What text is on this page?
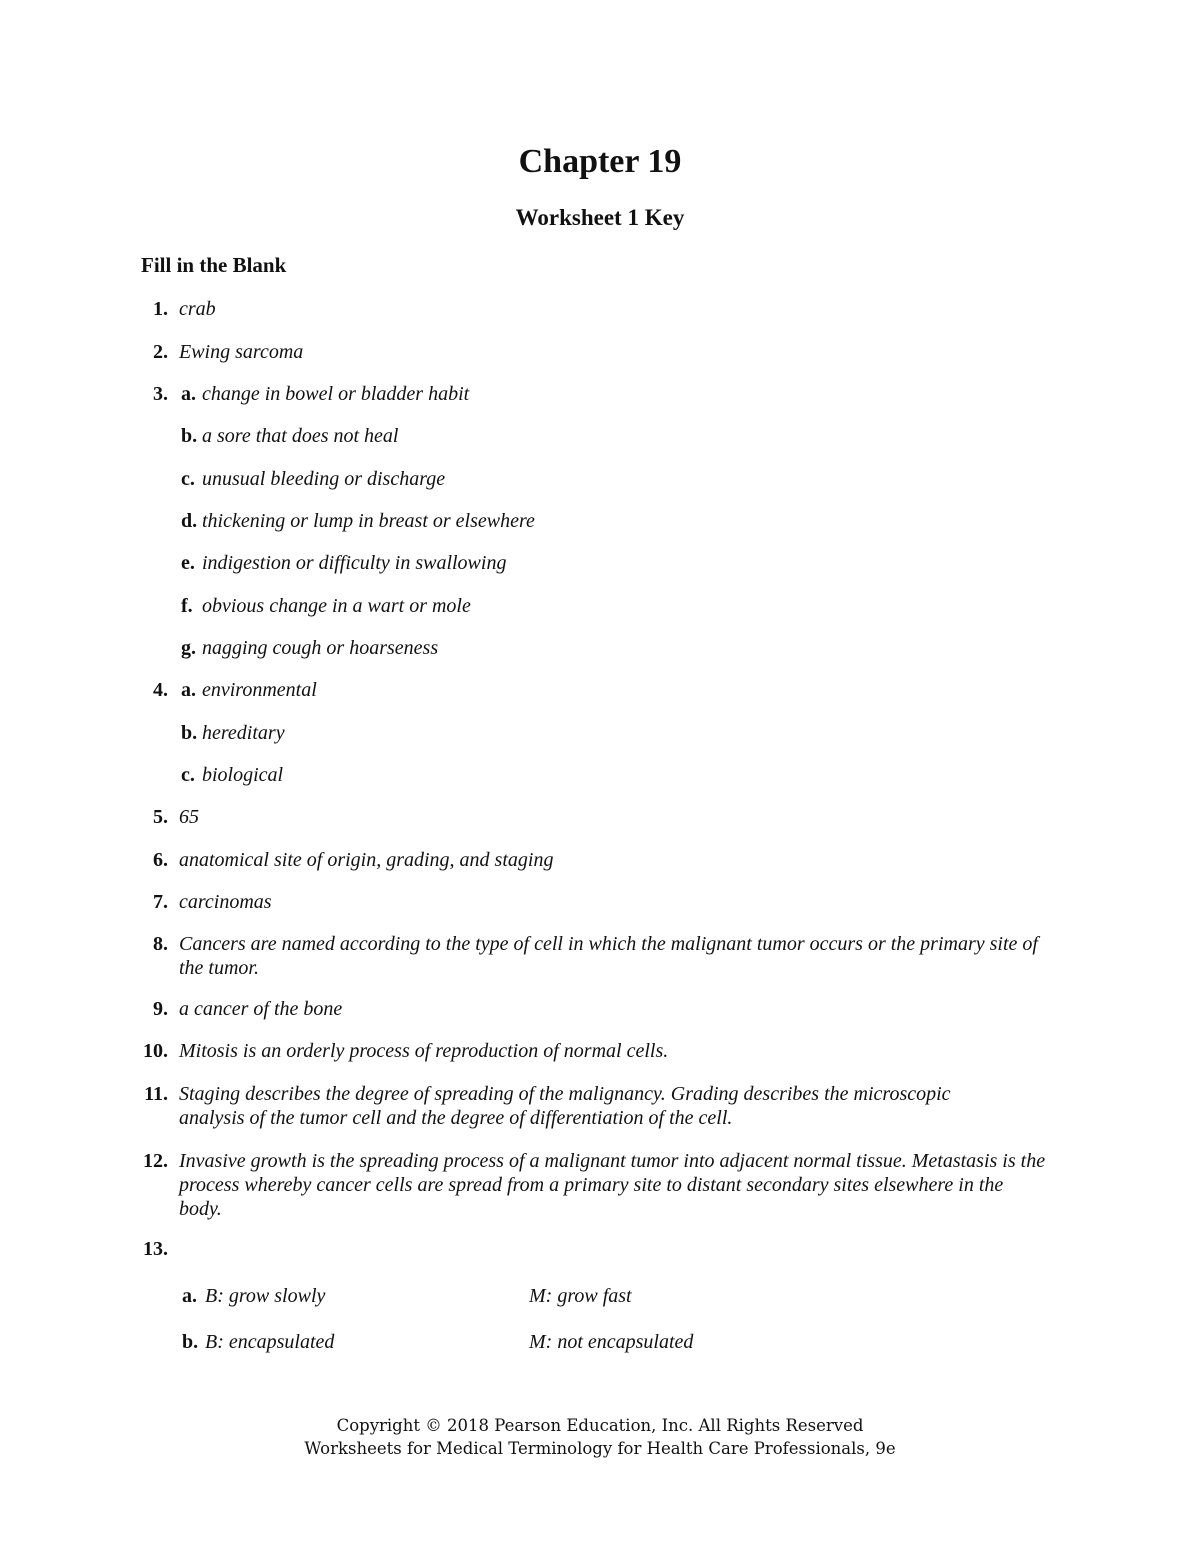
Chapter 19
Worksheet 1 Key
Fill in the Blank
1. crab
2. Ewing sarcoma
3. a. change in bowel or bladder habit
b. a sore that does not heal
c. unusual bleeding or discharge
d. thickening or lump in breast or elsewhere
e. indigestion or difficulty in swallowing
f. obvious change in a wart or mole
g. nagging cough or hoarseness
4. a. environmental
b. hereditary
c. biological
5. 65
6. anatomical site of origin, grading, and staging
7. carcinomas
8. Cancers are named according to the type of cell in which the malignant tumor occurs or the primary site of the tumor.
9. a cancer of the bone
10. Mitosis is an orderly process of reproduction of normal cells.
11. Staging describes the degree of spreading of the malignancy. Grading describes the microscopic analysis of the tumor cell and the degree of differentiation of the cell.
12. Invasive growth is the spreading process of a malignant tumor into adjacent normal tissue. Metastasis is the process whereby cancer cells are spread from a primary site to distant secondary sites elsewhere in the body.
13.
a. B: grow slowly	M: grow fast
b. B: encapsulated	M: not encapsulated
Copyright © 2018 Pearson Education, Inc. All Rights Reserved
Worksheets for Medical Terminology for Health Care Professionals, 9e
